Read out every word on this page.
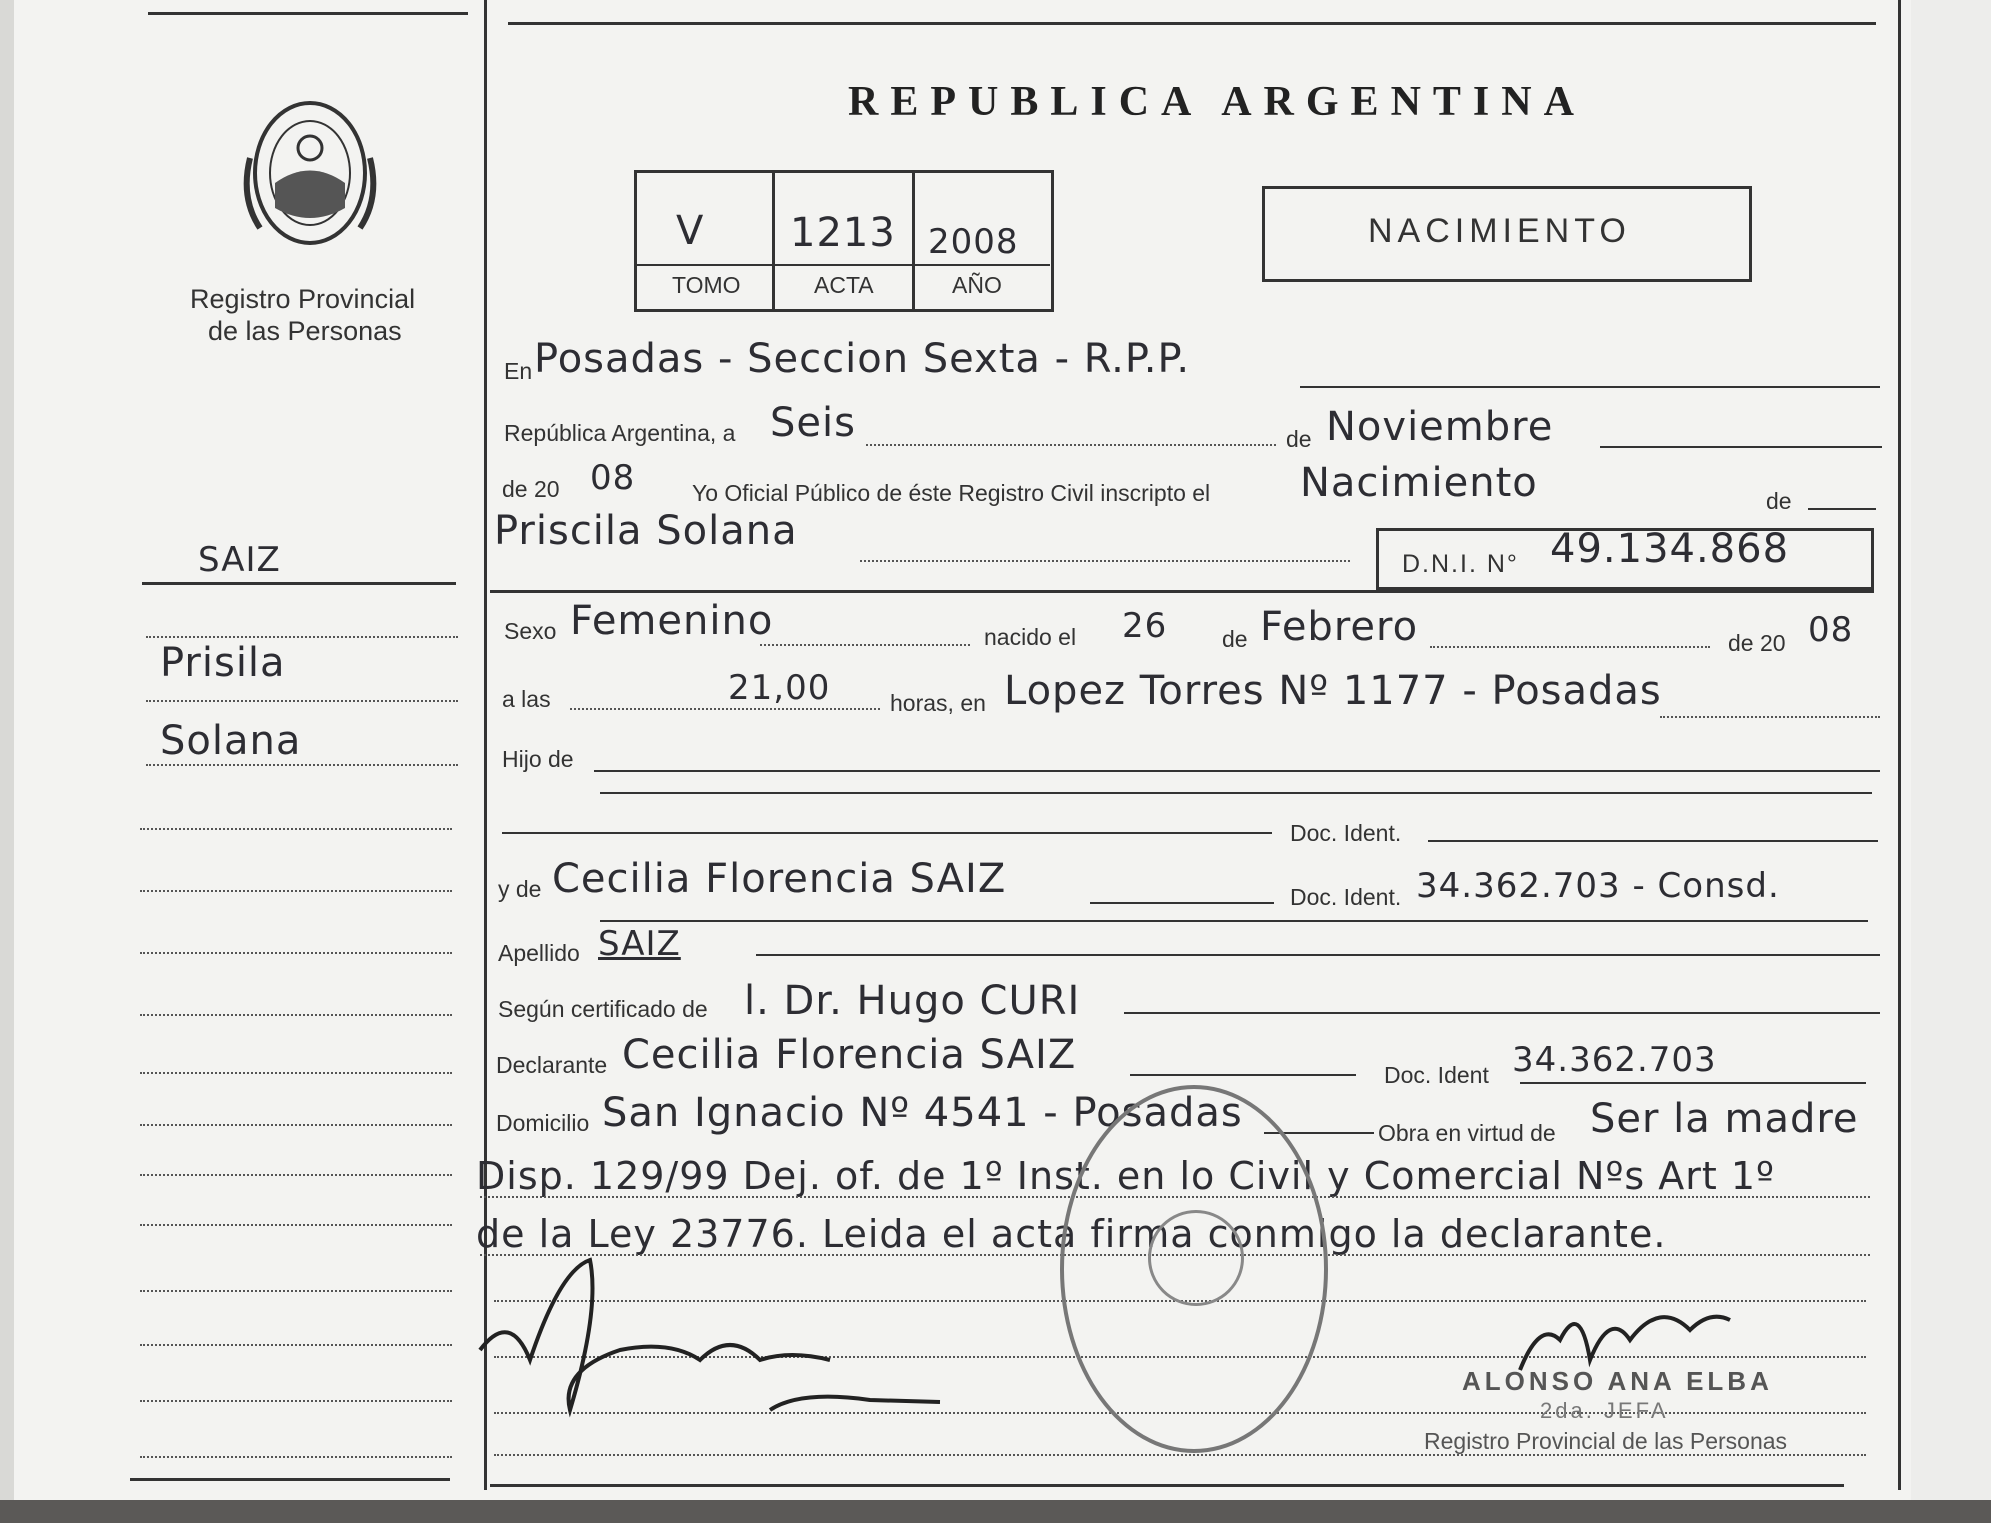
Registro Provincial
de las Personas
REPUBLICA ARGENTINA
V 1213 2008
TOMO	ACTA	AÑO
NACIMIENTO
SAIZ
Prisila
Solana
En Posadas - Seccion Sexta - R.P.P.
República Argentina, a Seis	de Noviembre
de 20 08 Yo Oficial Público de éste Registro Civil inscripto el Nacimiento	de
Priscila Solana
D.N.I. N° 49.134.868
Sexo Femenino	nacido el 26 de Febrero	de 20 08
a las	21,00	horas, en Lopez Torres Nº 1177 - Posadas
Hijo de
Doc. Ident.
y de Cecilia Florencia SAIZ	Doc. Ident. 34.362.703 - Consd.
Apellido SAIZ
Según certificado de l. Dr. Hugo CURI
Declarante Cecilia Florencia SAIZ	Doc. Ident 34.362.703
Domicilio San Ignacio Nº 4541 - Posadas	Obra en virtud de Ser la madre
Disp. 129/99 Dej. of. de 1º Inst. en lo Civil y Comercial Nºs Art 1º
de la Ley 23776. Leida el acta firma conmigo la declarante.
ALONSO ANA ELBA
2da. JEFA
Registro Provincial de las Personas
